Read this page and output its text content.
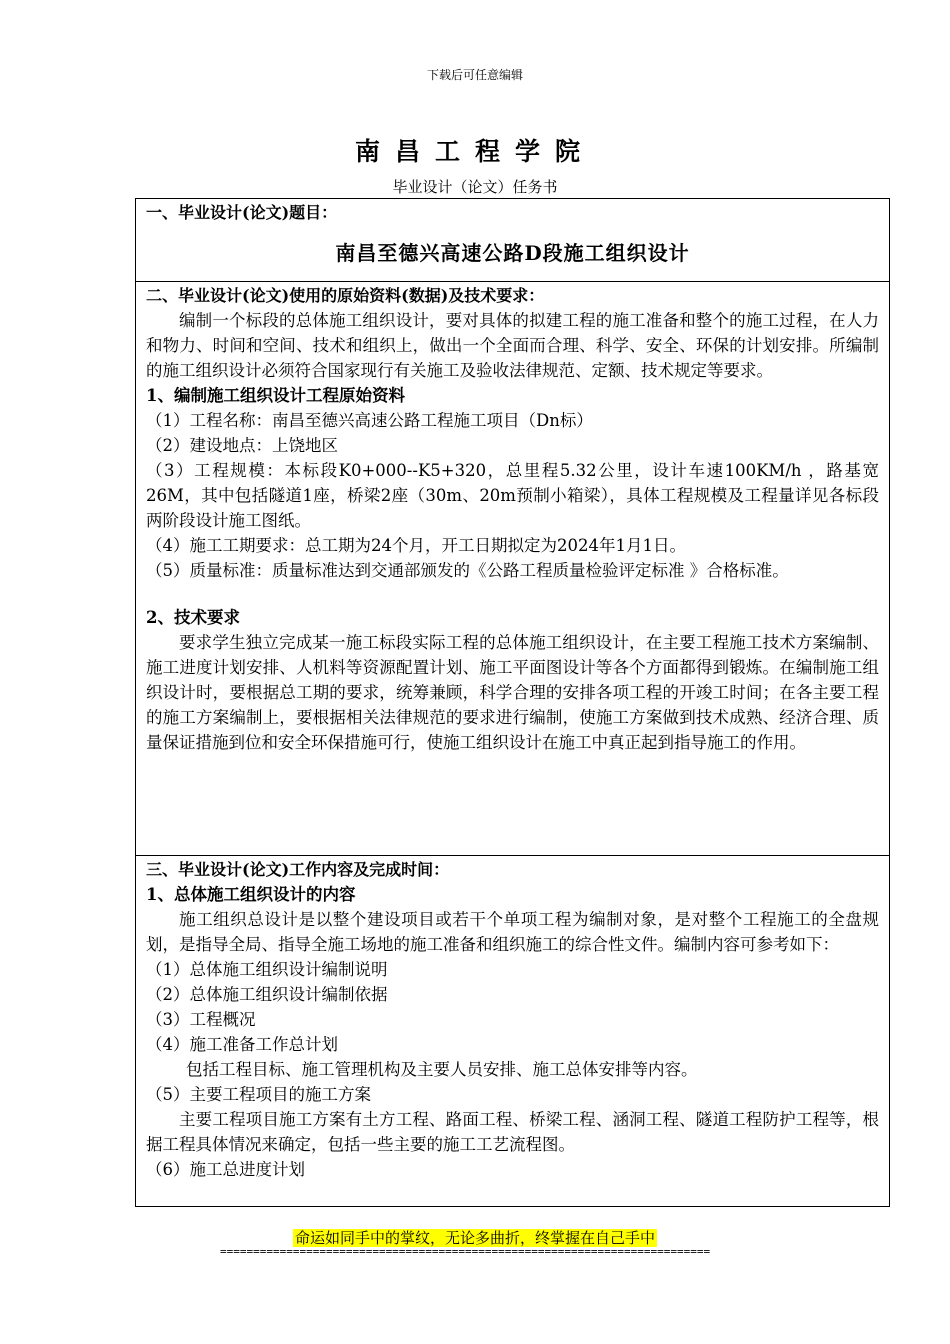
下载后可任意编辑
南昌工程学院
毕业设计（论文）任务书
一、毕业设计(论文)题目：
南昌至德兴高速公路D段施工组织设计
二、毕业设计(论文)使用的原始资料(数据)及技术要求：
编制一个标段的总体施工组织设计，要对具体的拟建工程的施工准备和整个的施工过程，在人力和物力、时间和空间、技术和组织上，做出一个全面而合理、科学、安全、环保的计划安排。所编制的施工组织设计必须符合国家现行有关施工及验收法律规范、定额、技术规定等要求。
1、编制施工组织设计工程原始资料
（1）工程名称：南昌至德兴高速公路工程施工项目（Dn标）
（2）建设地点：上饶地区
（3）工程规模：本标段K0+000--K5+320，总里程5.32公里，设计车速100KM/h ，路基宽26M，其中包括隧道1座，桥梁2座（30m、20m预制小箱梁），具体工程规模及工程量详见各标段两阶段设计施工图纸。
（4）施工工期要求：总工期为24个月，开工日期拟定为2024年1月1日。
（5）质量标准：质量标准达到交通部颁发的《公路工程质量检验评定标准 》合格标准。
2、技术要求
要求学生独立完成某一施工标段实际工程的总体施工组织设计，在主要工程施工技术方案编制、施工进度计划安排、人机料等资源配置计划、施工平面图设计等各个方面都得到锻炼。在编制施工组织设计时，要根据总工期的要求，统筹兼顾，科学合理的安排各项工程的开竣工时间；在各主要工程的施工方案编制上，要根据相关法律规范的要求进行编制，使施工方案做到技术成熟、经济合理、质量保证措施到位和安全环保措施可行，使施工组织设计在施工中真正起到指导施工的作用。
三、毕业设计(论文)工作内容及完成时间：
1、总体施工组织设计的内容
施工组织总设计是以整个建设项目或若干个单项工程为编制对象，是对整个工程施工的全盘规划，是指导全局、指导全施工场地的施工准备和组织施工的综合性文件。编制内容可参考如下：
（1）总体施工组织设计编制说明
（2）总体施工组织设计编制依据
（3）工程概况
（4）施工准备工作总计划
包括工程目标、施工管理机构及主要人员安排、施工总体安排等内容。
（5）主要工程项目的施工方案
主要工程项目施工方案有土方工程、路面工程、桥梁工程、涵洞工程、隧道工程防护工程等，根据工程具体情况来确定，包括一些主要的施工工艺流程图。
（6）施工总进度计划
命运如同手中的掌纹，无论多曲折，终掌握在自己手中
==========================================================================
